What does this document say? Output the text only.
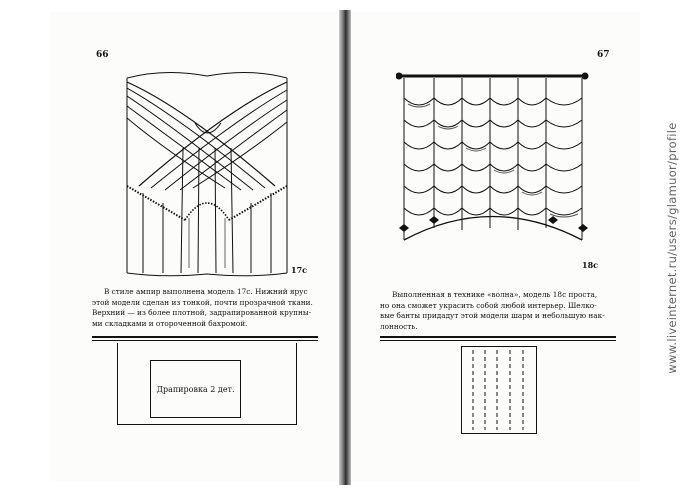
66
17с
В стиле ампир выполнена модель 17с. Нижний ярус
этой модели сделан из тонкой, почти прозрачной ткани.
Верхний — из более плотной, задрапированной крупны-
ми складками и отороченной бахромой.
Драпировка 2 дет.
67
18с
Выполненная в технике «волна», модель 18с проста,
но она сможет украсить собой любой интерьер. Шелко-
вые банты придадут этой модели шарм и небольшую нак-
лонность.	www.liveinternet.ru/users/glamuor/profile
